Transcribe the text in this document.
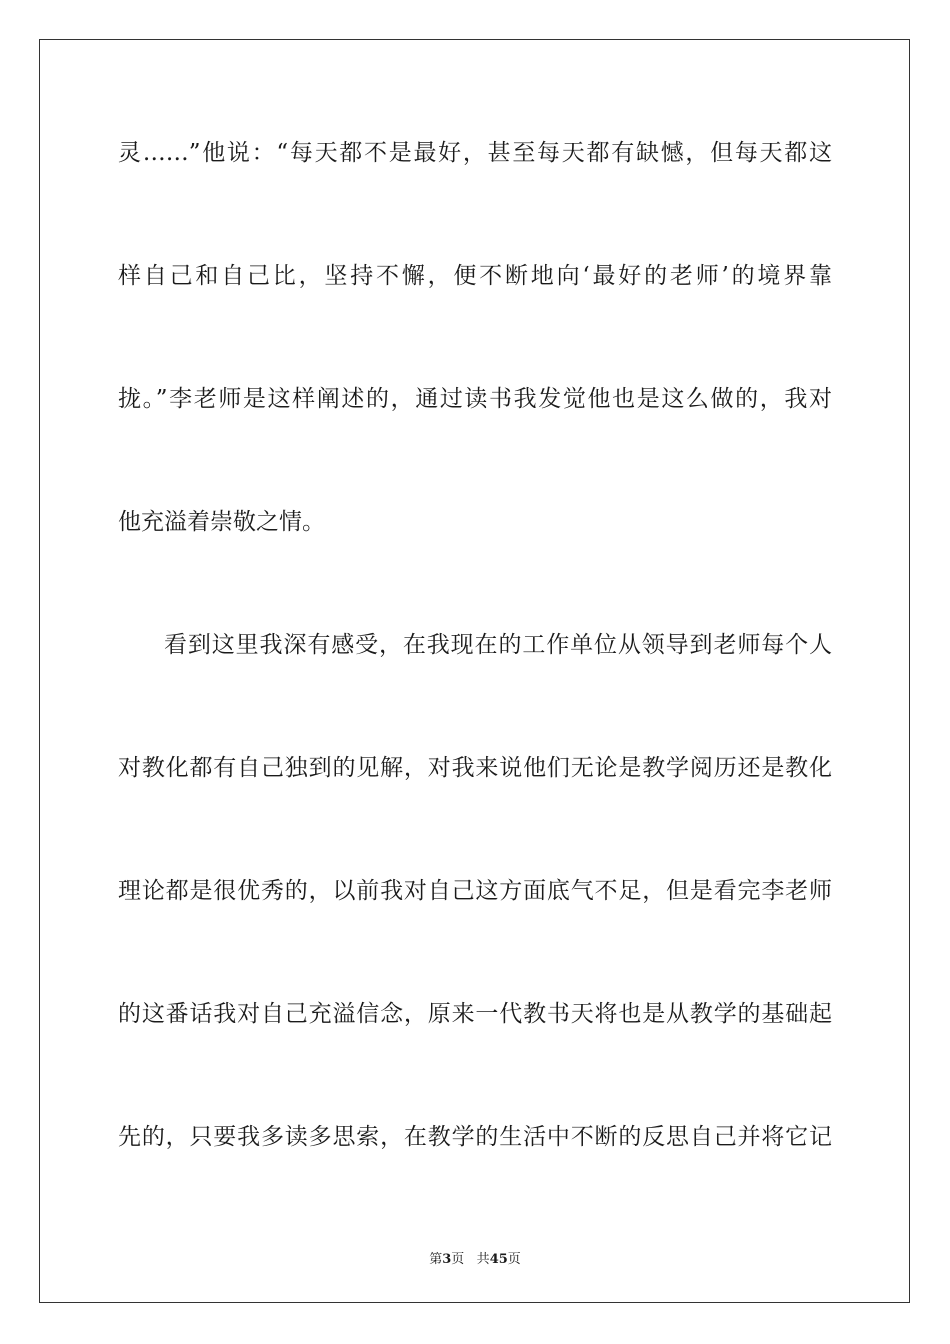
灵……”他说：“每天都不是最好，甚至每天都有缺憾，但每天都这
样自己和自己比，坚持不懈，便不断地向‘最好的老师’的境界靠
拢。”李老师是这样阐述的，通过读书我发觉他也是这么做的，我对
他充溢着崇敬之情。
看到这里我深有感受，在我现在的工作单位从领导到老师每个人
对教化都有自己独到的见解，对我来说他们无论是教学阅历还是教化
理论都是很优秀的，以前我对自己这方面底气不足，但是看完李老师
的这番话我对自己充溢信念，原来一代教书天将也是从教学的基础起
先的，只要我多读多思索，在教学的生活中不断的反思自己并将它记
第3页 共45页
